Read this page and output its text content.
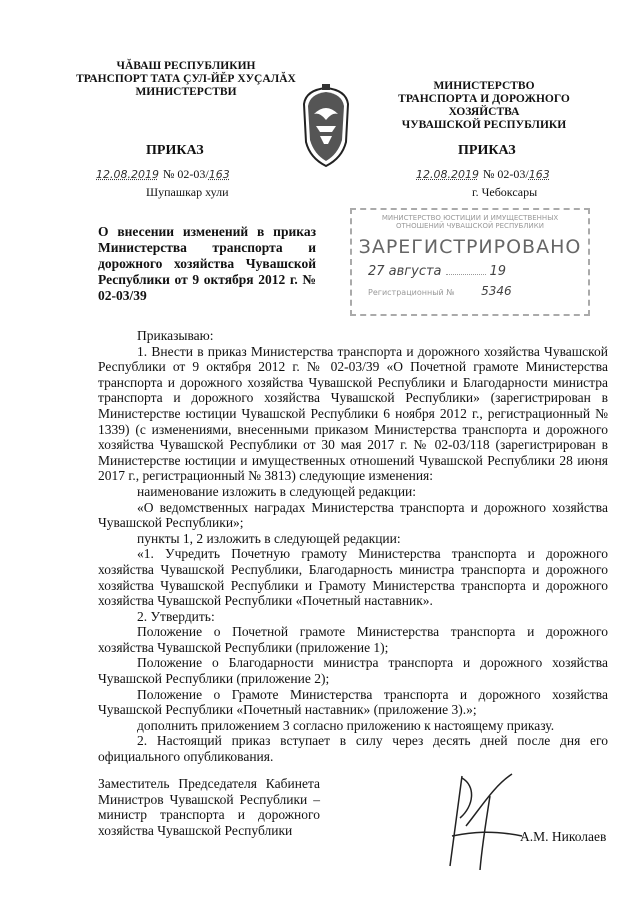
ЧĂВАШ РЕСПУБЛИКИН
ТРАНСПОРТ ТАТА ÇУЛ-ЙĔР ХУÇАЛĂХ
МИНИСТЕРСТВИ
ПРИКАЗ
12.08.2019 № 02-03/163
Шупашкар хули
МИНИСТЕРСТВО
ТРАНСПОРТА И ДОРОЖНОГО ХОЗЯЙСТВА
ЧУВАШСКОЙ РЕСПУБЛИКИ
ПРИКАЗ
12.08.2019 № 02-03/163
г. Чебоксары
О внесении изменений в приказ Министерства транспорта и дорожного хозяйства Чувашской Республики от 9 октября 2012 г. № 02-03/39
МИНИСТЕРСТВО ЮСТИЦИИ И ИМУЩЕСТВЕННЫХ ОТНОШЕНИЙ ЧУВАШСКОЙ РЕСПУБЛИКИ
ЗАРЕГИСТРИРОВАНО
27 августа	19
Регистрационный № 5346

Приказываю:

1. Внести в приказ Министерства транспорта и дорожного хозяйства Чувашской Республики от 9 октября 2012 г. № 02-03/39 «О Почетной грамоте Министерства транспорта и дорожного хозяйства Чувашской Республики и Благодарности министра транспорта и дорожного хозяйства Чувашской Республики» (зарегистрирован в Министерстве юстиции Чувашской Республики 6 ноября 2012 г., регистрационный № 1339) (с изменениями, внесенными приказом Министерства транспорта и дорожного хозяйства Чувашской Республики от 30 мая 2017 г. № 02-03/118 (зарегистрирован в Министерстве юстиции и имущественных отношений Чувашской Республики 28 июня 2017 г., регистрационный № 3813) следующие изменения:

наименование изложить в следующей редакции:

«О ведомственных наградах Министерства транспорта и дорожного хозяйства Чувашской Республики»;

пункты 1, 2 изложить в следующей редакции:

«1. Учредить Почетную грамоту Министерства транспорта и дорожного хозяйства Чувашской Республики, Благодарность министра транспорта и дорожного хозяйства Чувашской Республики и Грамоту Министерства транспорта и дорожного хозяйства Чувашской Республики «Почетный наставник».

2. Утвердить:

Положение о Почетной грамоте Министерства транспорта и дорожного хозяйства Чувашской Республики (приложение 1);

Положение о Благодарности министра транспорта и дорожного хозяйства Чувашской Республики (приложение 2);

Положение о Грамоте Министерства транспорта и дорожного хозяйства Чувашской Республики «Почетный наставник» (приложение 3).»;

дополнить приложением 3 согласно приложению к настоящему приказу.

2. Настоящий приказ вступает в силу через десять дней после дня его официального опубликования.

Заместитель Председателя Кабинета
Министров Чувашской Республики –
министр транспорта и дорожного
хозяйства Чувашской Республики	А.М. Николаев
